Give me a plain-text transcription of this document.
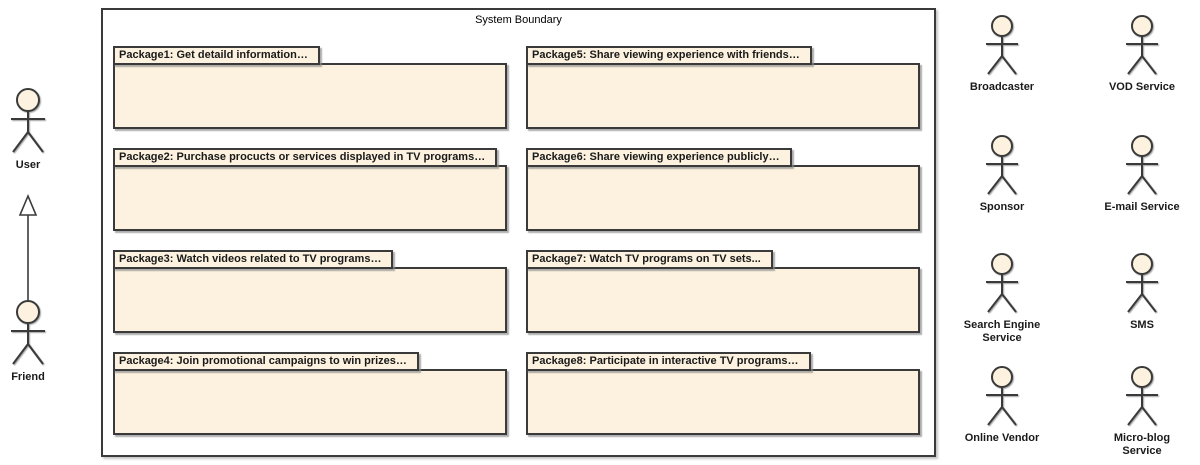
System Boundary
Package1: Get detaild information…
Package2: Purchase procucts or services displayed in TV programs…
Package3: Watch videos related to TV programs…
Package4: Join promotional campaigns to win prizes…
Package5: Share viewing experience with friends…
Package6: Share viewing experience publicly…
Package7: Watch TV programs on TV sets...
Package8: Participate in interactive TV programs…
User
Friend
Broadcaster	VOD Service
Sponsor	E-mail Service
Search Engine Service
SMS
Online Vendor	Micro-blog Service
